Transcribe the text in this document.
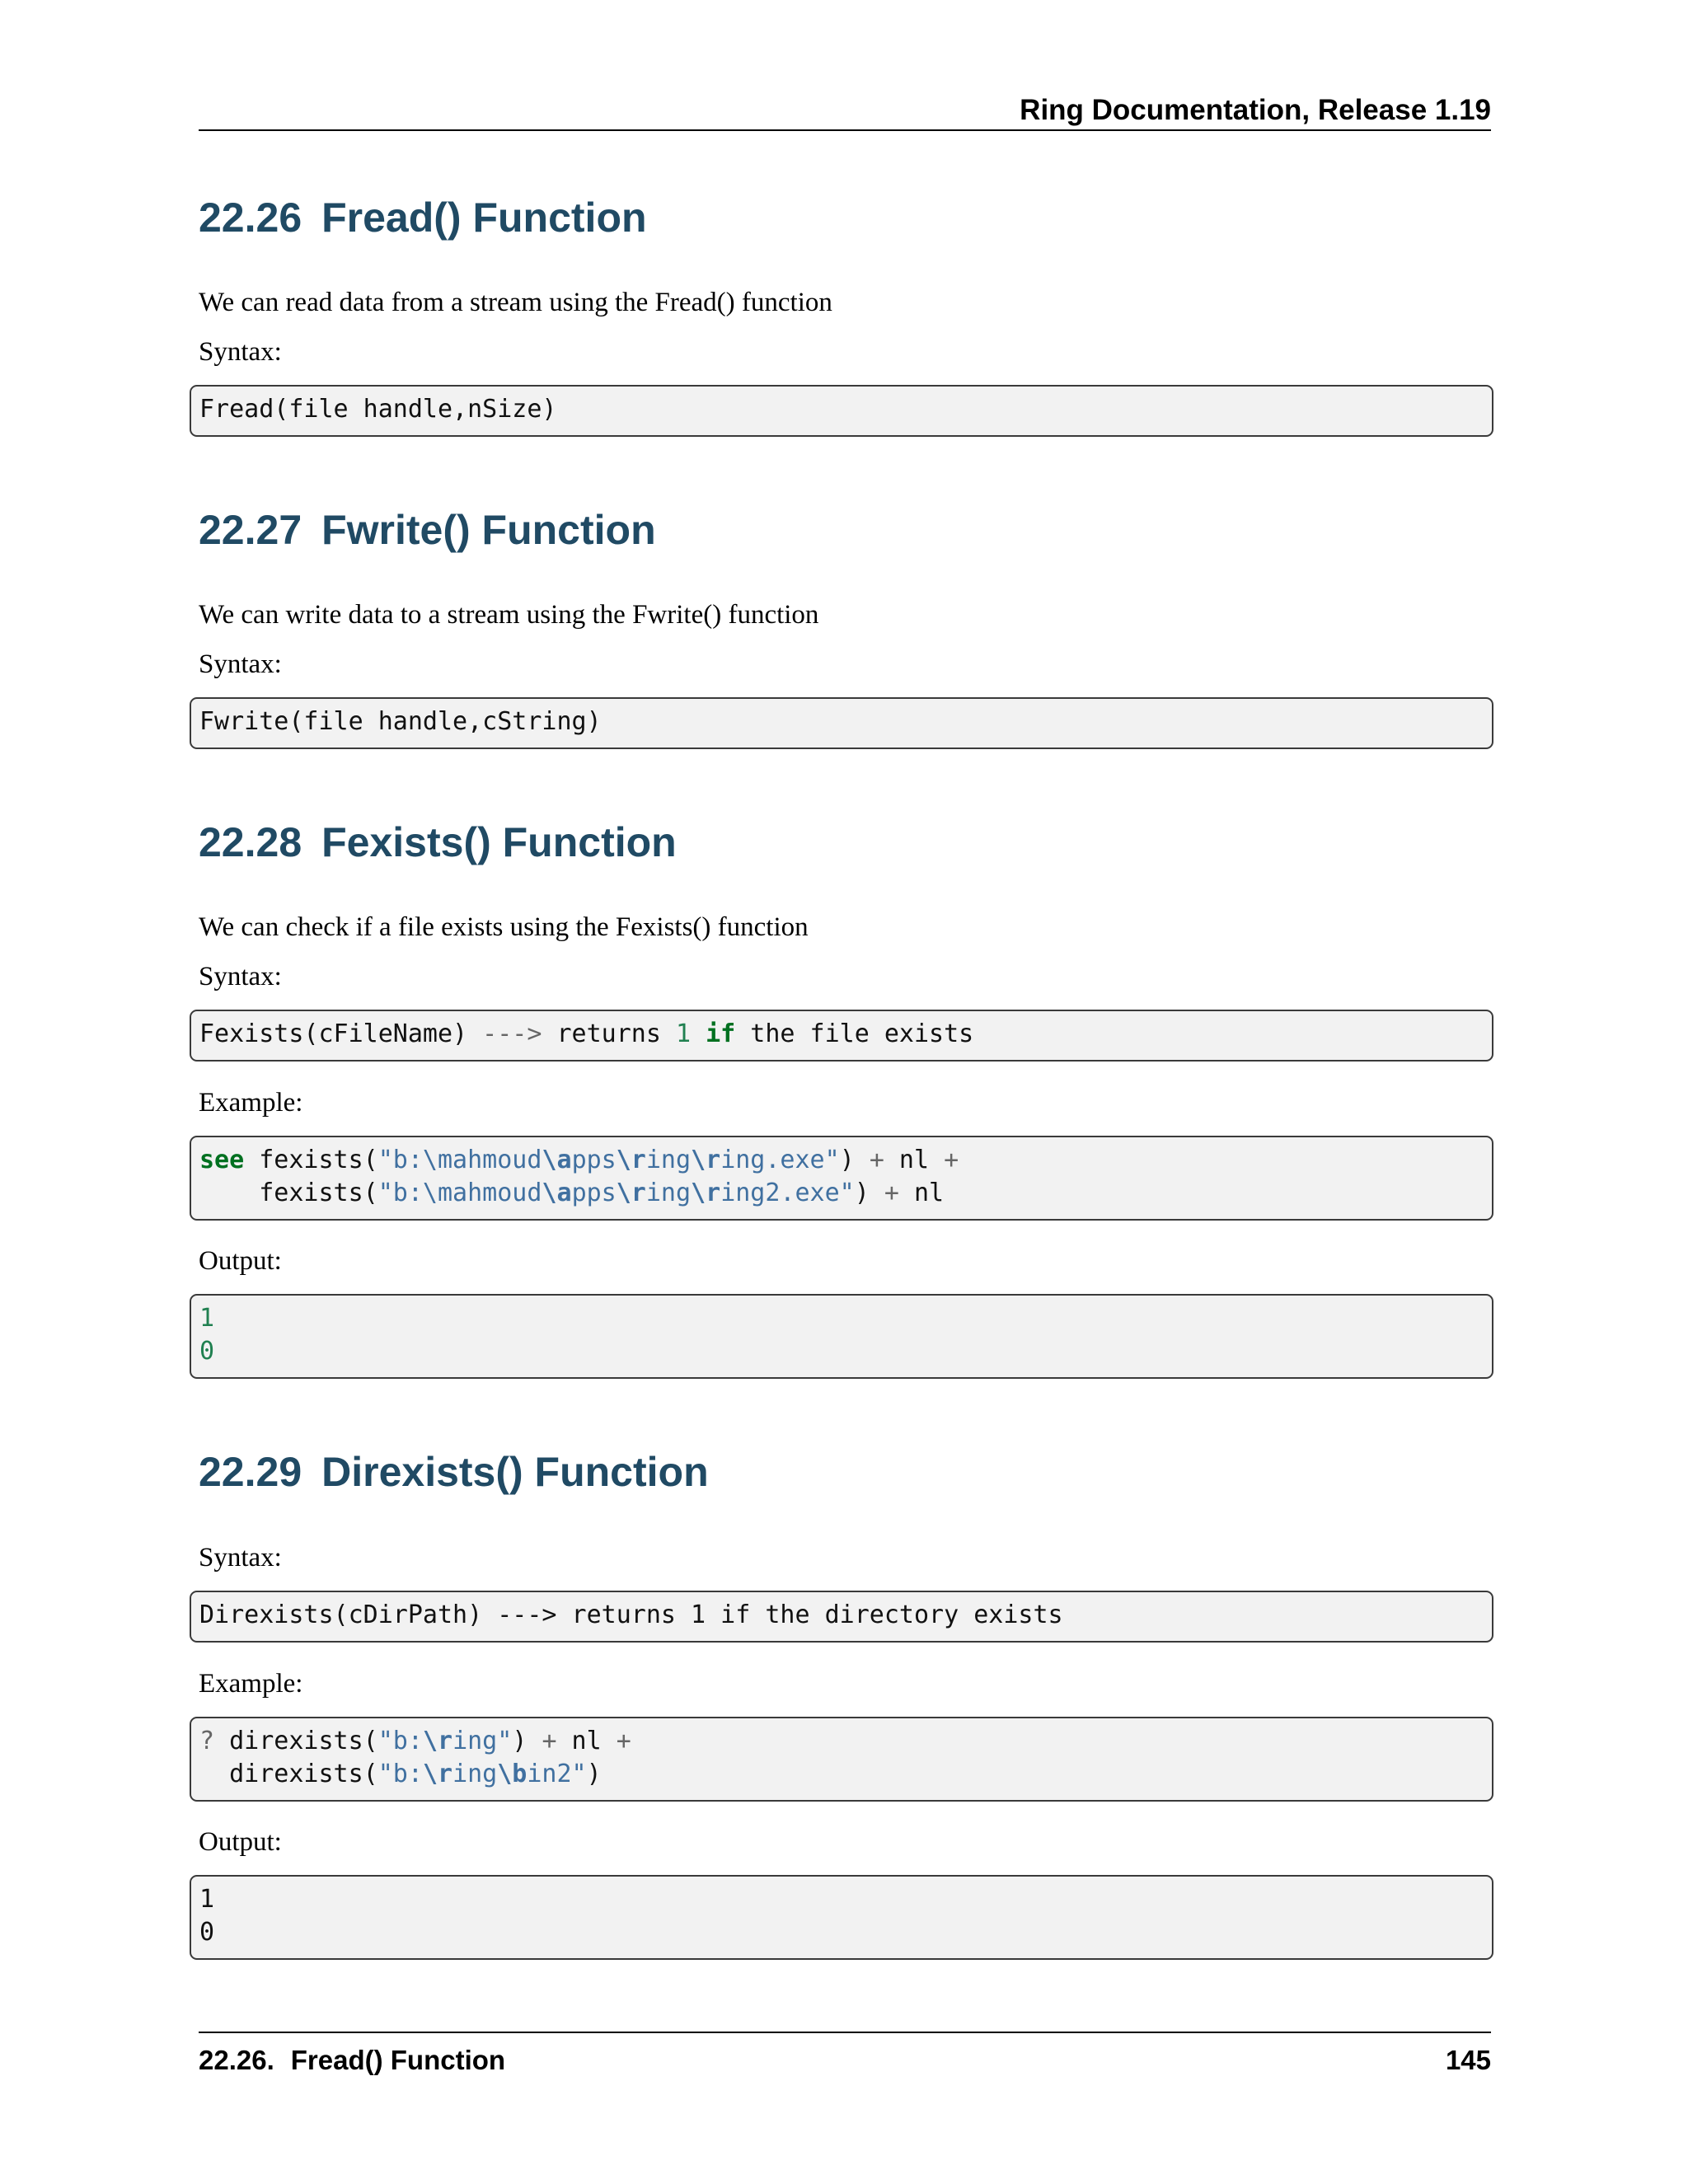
Ring Documentation, Release 1.19
22.26 Fread() Function

We can read data from a stream using the Fread() function

Syntax:

Fread(file handle,nSize)
22.27 Fwrite() Function

We can write data to a stream using the Fwrite() function

Syntax:

Fwrite(file handle,cString)
22.28 Fexists() Function

We can check if a file exists using the Fexists() function

Syntax:

Fexists(cFileName) ---> returns 1 if the file exists

Example:

see fexists("b:\mahmoud\apps\ring\ring.exe") + nl +
fexists("b:\mahmoud\apps\ring\ring2.exe") + nl

Output:

1
0
22.29 Direxists() Function

Syntax:

Direxists(cDirPath) ---> returns 1 if the directory exists

Example:

? direxists("b:\ring") + nl +
direxists("b:\ring\bin2")

Output:

1
0
22.26. Fread() Function	145
